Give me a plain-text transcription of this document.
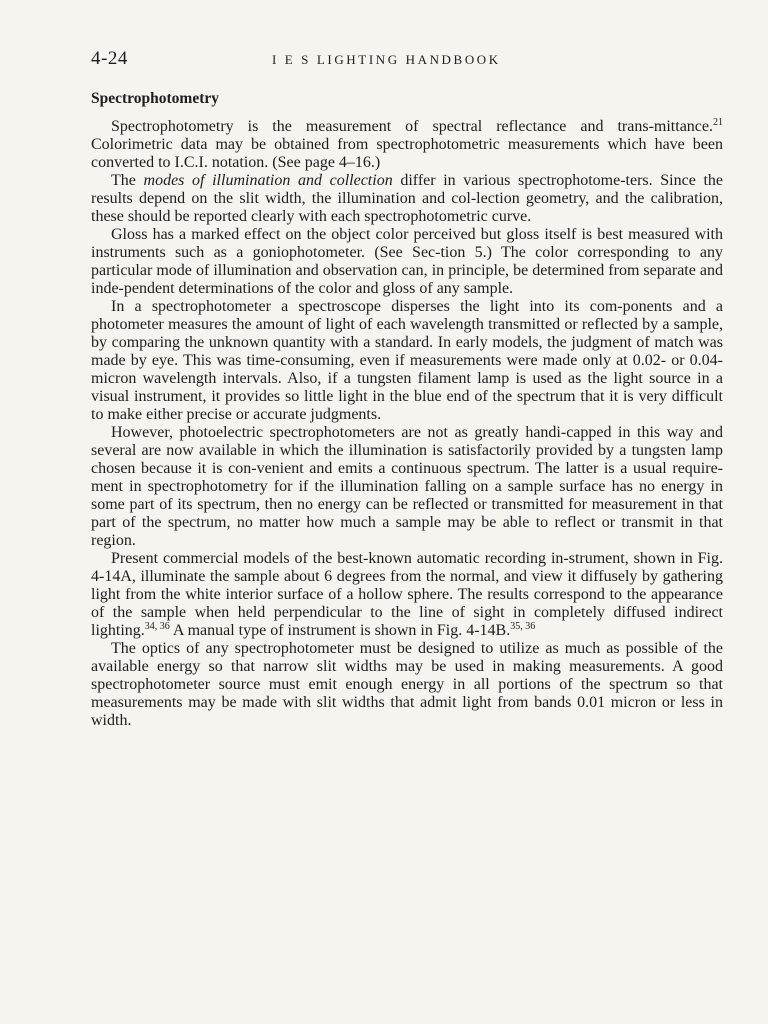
4-24	I E S LIGHTING HANDBOOK
Spectrophotometry

Spectrophotometry is the measurement of spectral reflectance and trans-mittance.$^{21}$ Colorimetric data may be obtained from spectrophotometric measurements which have been converted to I.C.I. notation. (See page 4–16.)

The modes of illumination and collection differ in various spectrophotome-ters. Since the results depend on the slit width, the illumination and col-lection geometry, and the calibration, these should be reported clearly with each spectrophotometric curve.

Gloss has a marked effect on the object color perceived but gloss itself is best measured with instruments such as a goniophotometer. (See Sec-tion 5.) The color corresponding to any particular mode of illumination and observation can, in principle, be determined from separate and inde-pendent determinations of the color and gloss of any sample.

In a spectrophotometer a spectroscope disperses the light into its com-ponents and a photometer measures the amount of light of each wavelength transmitted or reflected by a sample, by comparing the unknown quantity with a standard. In early models, the judgment of match was made by eye. This was time-consuming, even if measurements were made only at 0.02- or 0.04-micron wavelength intervals. Also, if a tungsten filament lamp is used as the light source in a visual instrument, it provides so little light in the blue end of the spectrum that it is very difficult to make either precise or accurate judgments.

However, photoelectric spectrophotometers are not as greatly handi-capped in this way and several are now available in which the illumination is satisfactorily provided by a tungsten lamp chosen because it is con-venient and emits a continuous spectrum. The latter is a usual require-ment in spectrophotometry for if the illumination falling on a sample surface has no energy in some part of its spectrum, then no energy can be reflected or transmitted for measurement in that part of the spectrum, no matter how much a sample may be able to reflect or transmit in that region.

Present commercial models of the best-known automatic recording in-strument, shown in Fig. 4-14A, illuminate the sample about 6 degrees from the normal, and view it diffusely by gathering light from the white interior surface of a hollow sphere. The results correspond to the appearance of the sample when held perpendicular to the line of sight in completely diffused indirect lighting.$^{34, 36}$ A manual type of instrument is shown in Fig. 4-14B.$^{35, 36}$

The optics of any spectrophotometer must be designed to utilize as much as possible of the available energy so that narrow slit widths may be used in making measurements. A good spectrophotometer source must emit enough energy in all portions of the spectrum so that measurements may be made with slit widths that admit light from bands 0.01 micron or less in width.
